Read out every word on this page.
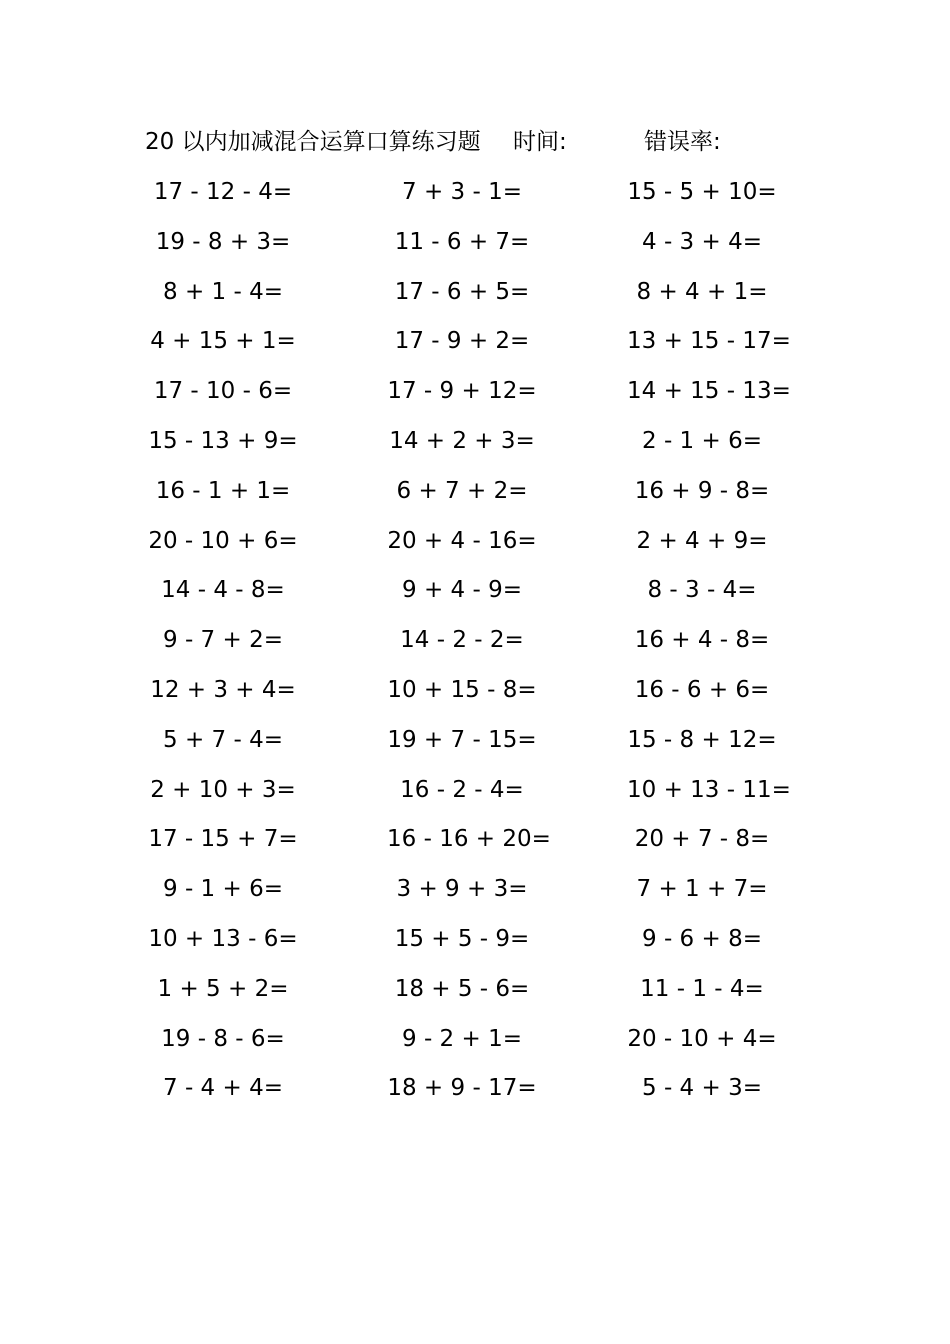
20 以内加减混合运算口算练习题 时间:	错误率:
17 - 12 - 4=	7 + 3 - 1=	15 - 5 + 10=
19 - 8 + 3=	11 - 6 + 7=	4 - 3 + 4=
8 + 1 - 4=	17 - 6 + 5=	8 + 4 + 1=
4 + 15 + 1=	17 - 9 + 2=	13 + 15 - 17=
17 - 10 - 6=	17 - 9 + 12=	14 + 15 - 13=
15 - 13 + 9=	14 + 2 + 3=	2 - 1 + 6=
16 - 1 + 1=	6 + 7 + 2=	16 + 9 - 8=
20 - 10 + 6=	20 + 4 - 16=	2 + 4 + 9=
14 - 4 - 8=	9 + 4 - 9=	8 - 3 - 4=
9 - 7 + 2=	14 - 2 - 2=	16 + 4 - 8=
12 + 3 + 4=	10 + 15 - 8=	16 - 6 + 6=
5 + 7 - 4=	19 + 7 - 15=	15 - 8 + 12=
2 + 10 + 3=	16 - 2 - 4=	10 + 13 - 11=
17 - 15 + 7=	16 - 16 + 20=	20 + 7 - 8=
9 - 1 + 6=	3 + 9 + 3=	7 + 1 + 7=
10 + 13 - 6=	15 + 5 - 9=	9 - 6 + 8=
1 + 5 + 2=	18 + 5 - 6=	11 - 1 - 4=
19 - 8 - 6=	9 - 2 + 1=	20 - 10 + 4=
7 - 4 + 4=	18 + 9 - 17=	5 - 4 + 3=
